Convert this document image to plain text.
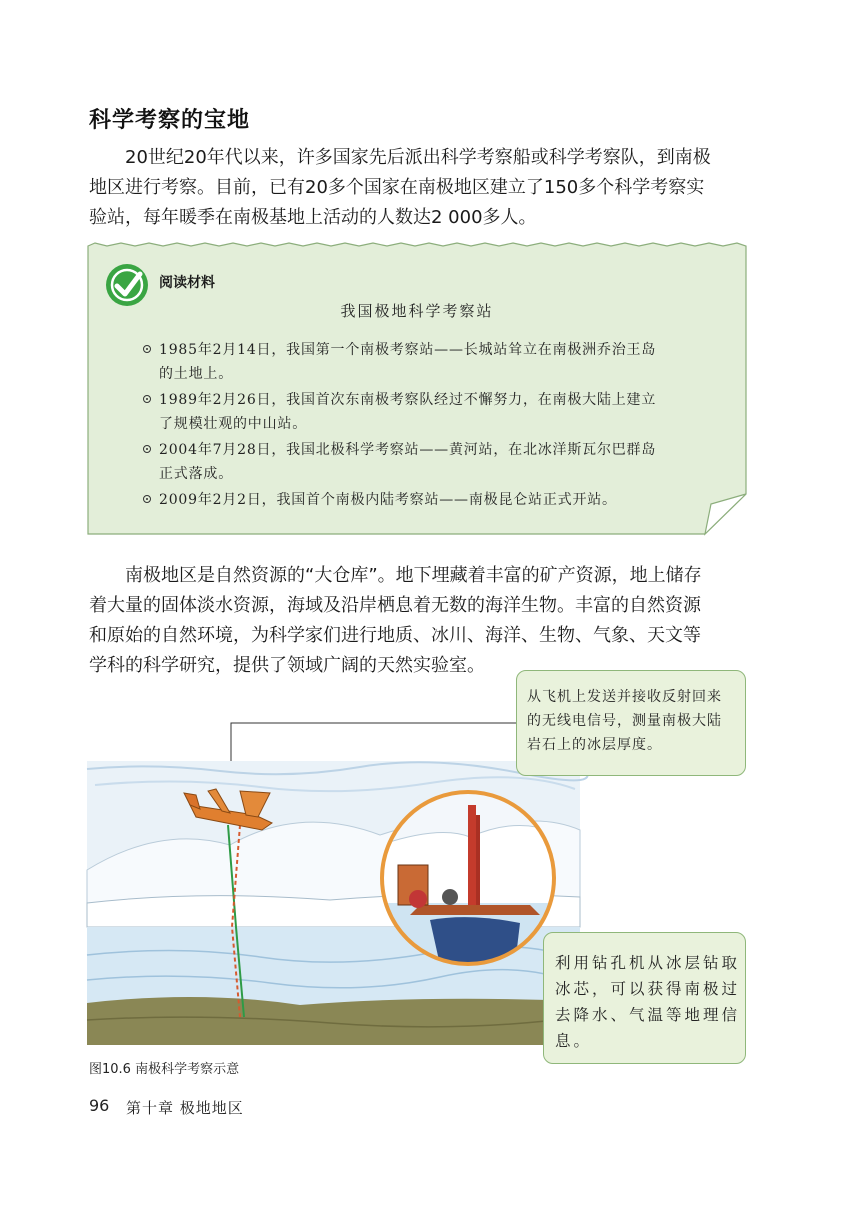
科学考察的宝地

20世纪20年代以来，许多国家先后派出科学考察船或科学考察队，到南极
地区进行考察。目前，已有20多个国家在南极地区建立了150多个科学考察实
验站，每年暖季在南极基地上活动的人数达2 000多人。

阅读材料
我国极地科学考察站
1985年2月14日，我国第一个南极考察站——长城站耸立在南极洲乔治王岛
的土地上。
1989年2月26日，我国首次东南极考察队经过不懈努力，在南极大陆上建立
了规模壮观的中山站。
2004年7月28日，我国北极科学考察站——黄河站，在北冰洋斯瓦尔巴群岛
正式落成。
2009年2月2日，我国首个南极内陆考察站——南极昆仑站正式开站。

南极地区是自然资源的“大仓库”。地下埋藏着丰富的矿产资源，地上储存
着大量的固体淡水资源，海域及沿岸栖息着无数的海洋生物。丰富的自然资源
和原始的自然环境，为科学家们进行地质、冰川、海洋、生物、气象、天文等
学科的科学研究，提供了领域广阔的天然实验室。

从飞机上发送并接收反射回来
的无线电信号，测量南极大陆
岩石上的冰层厚度。
利用钻孔机从冰层钻取
冰芯，可以获得南极过
去降水、气温等地理信
息。
图10.6 南极科学考察示意
96 第十章 极地地区
